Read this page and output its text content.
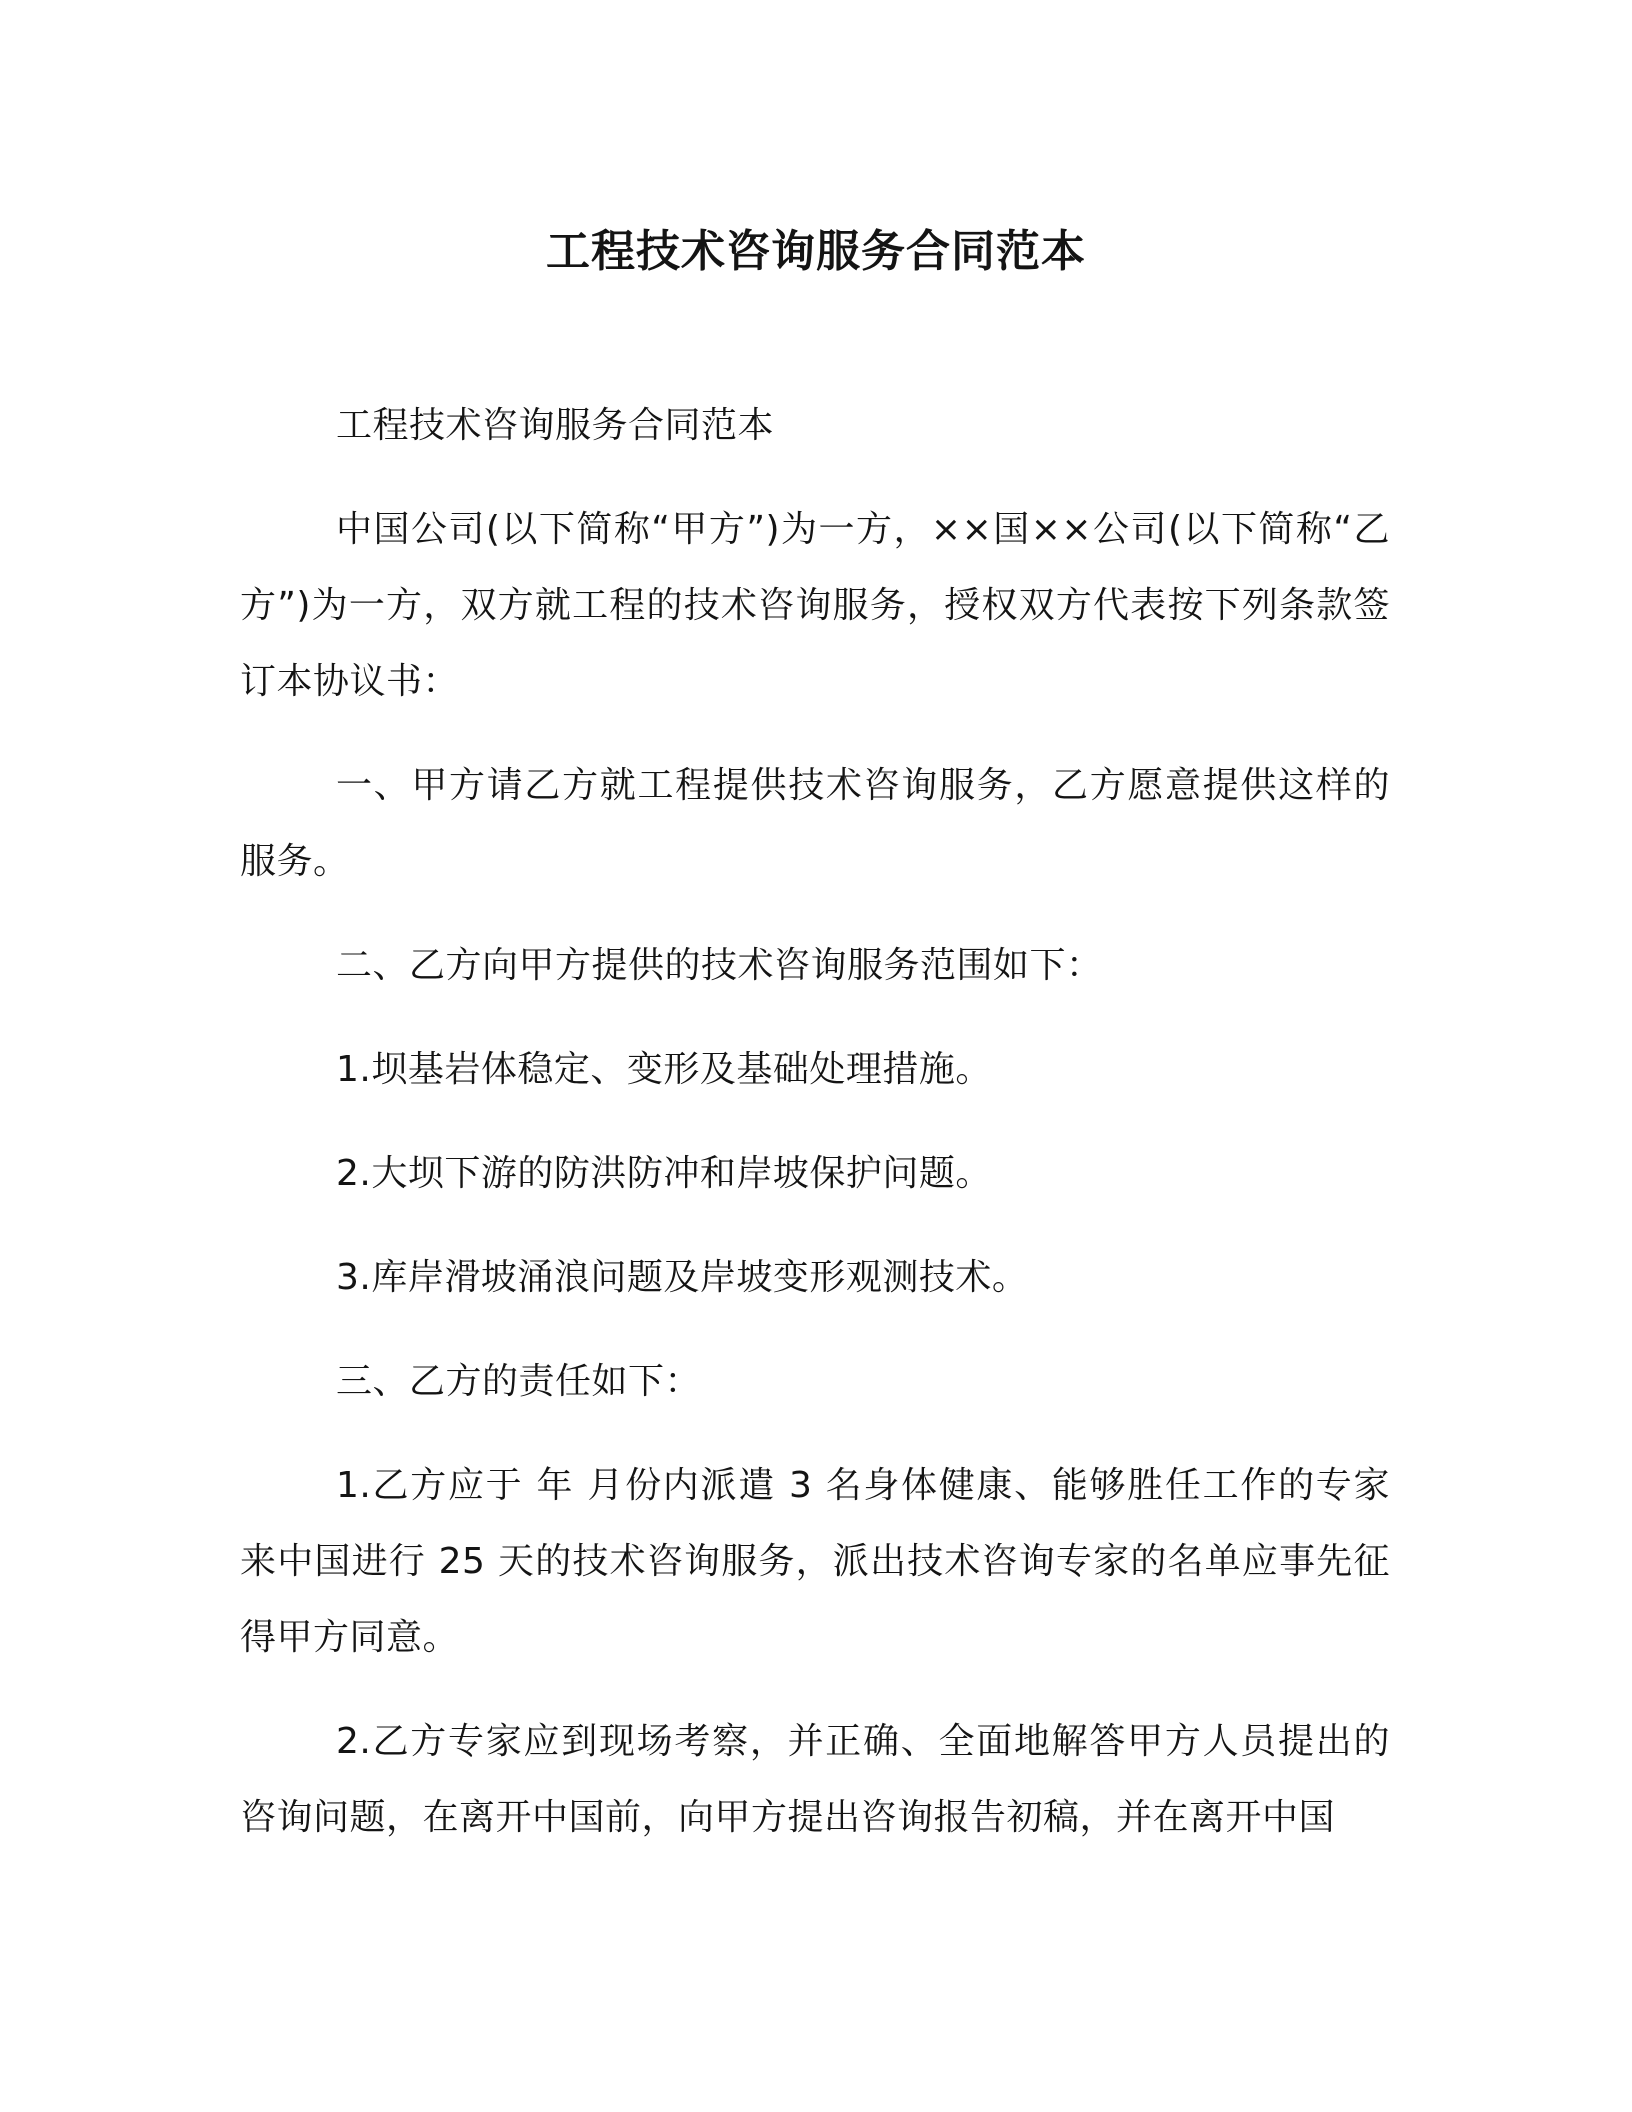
工程技术咨询服务合同范本

工程技术咨询服务合同范本

中国公司(以下简称“甲方”)为一方，××国××公司(以下简称“乙方”)为一方，双方就工程的技术咨询服务，授权双方代表按下列条款签订本协议书：

一、甲方请乙方就工程提供技术咨询服务，乙方愿意提供这样的服务。

二、乙方向甲方提供的技术咨询服务范围如下：

1.坝基岩体稳定、变形及基础处理措施。

2.大坝下游的防洪防冲和岸坡保护问题。

3.库岸滑坡涌浪问题及岸坡变形观测技术。

三、乙方的责任如下：

1.乙方应于 年 月份内派遣 3 名身体健康、能够胜任工作的专家来中国进行 25 天的技术咨询服务，派出技术咨询专家的名单应事先征得甲方同意。

2.乙方专家应到现场考察，并正确、全面地解答甲方人员提出的咨询问题，在离开中国前，向甲方提出咨询报告初稿，并在离开中国
